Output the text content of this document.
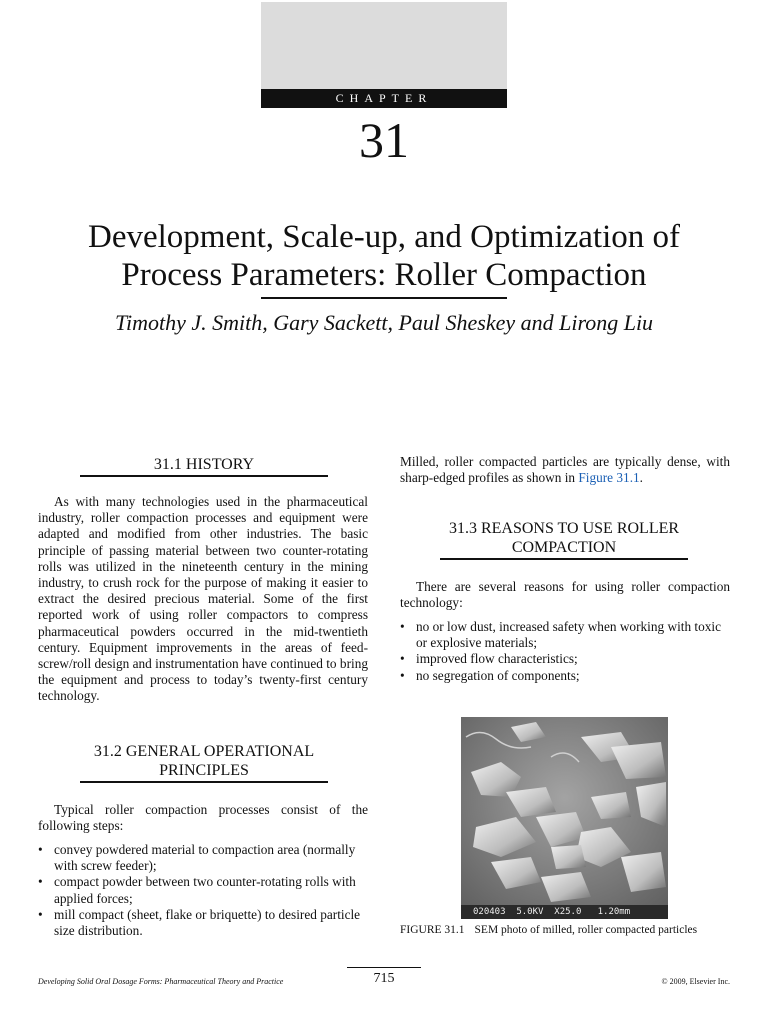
CHAPTER
31
Development, Scale-up, and Optimization of
Process Parameters: Roller Compaction
Timothy J. Smith, Gary Sackett, Paul Sheskey and Lirong Liu
31.1 HISTORY
As with many technologies used in the pharmaceutical industry, roller compaction processes and equipment were adapted and modified from other industries. The basic principle of passing material between two counter-rotating rolls was utilized in the nineteenth century in the mining industry, to crush rock for the purpose of making it easier to extract the desired precious material. Some of the first reported work of using roller compactors to compress pharmaceutical powders occurred in the mid-twentieth century. Equipment improvements in the areas of feed-screw/roll design and instrumentation have continued to bring the equipment and process to today’s twenty-first century technology.
31.2 GENERAL OPERATIONAL
PRINCIPLES
Typical roller compaction processes consist of the following steps:
• convey powdered material to compaction area (normally with screw feeder);
• compact powder between two counter-rotating rolls with applied forces;
• mill compact (sheet, flake or briquette) to desired particle size distribution.
Milled, roller compacted particles are typically dense, with sharp-edged profiles as shown in Figure 31.1.
31.3 REASONS TO USE ROLLER
COMPACTION
There are several reasons for using roller compaction technology:
• no or low dust, increased safety when working with toxic or explosive materials;
• improved flow characteristics;
• no segregation of components;
020403  5.0KV  X25.0   1.20mm
FIGURE 31.1 SEM photo of milled, roller compacted particles
Developing Solid Oral Dosage Forms: Pharmaceutical Theory and Practice	715	© 2009, Elsevier Inc.
